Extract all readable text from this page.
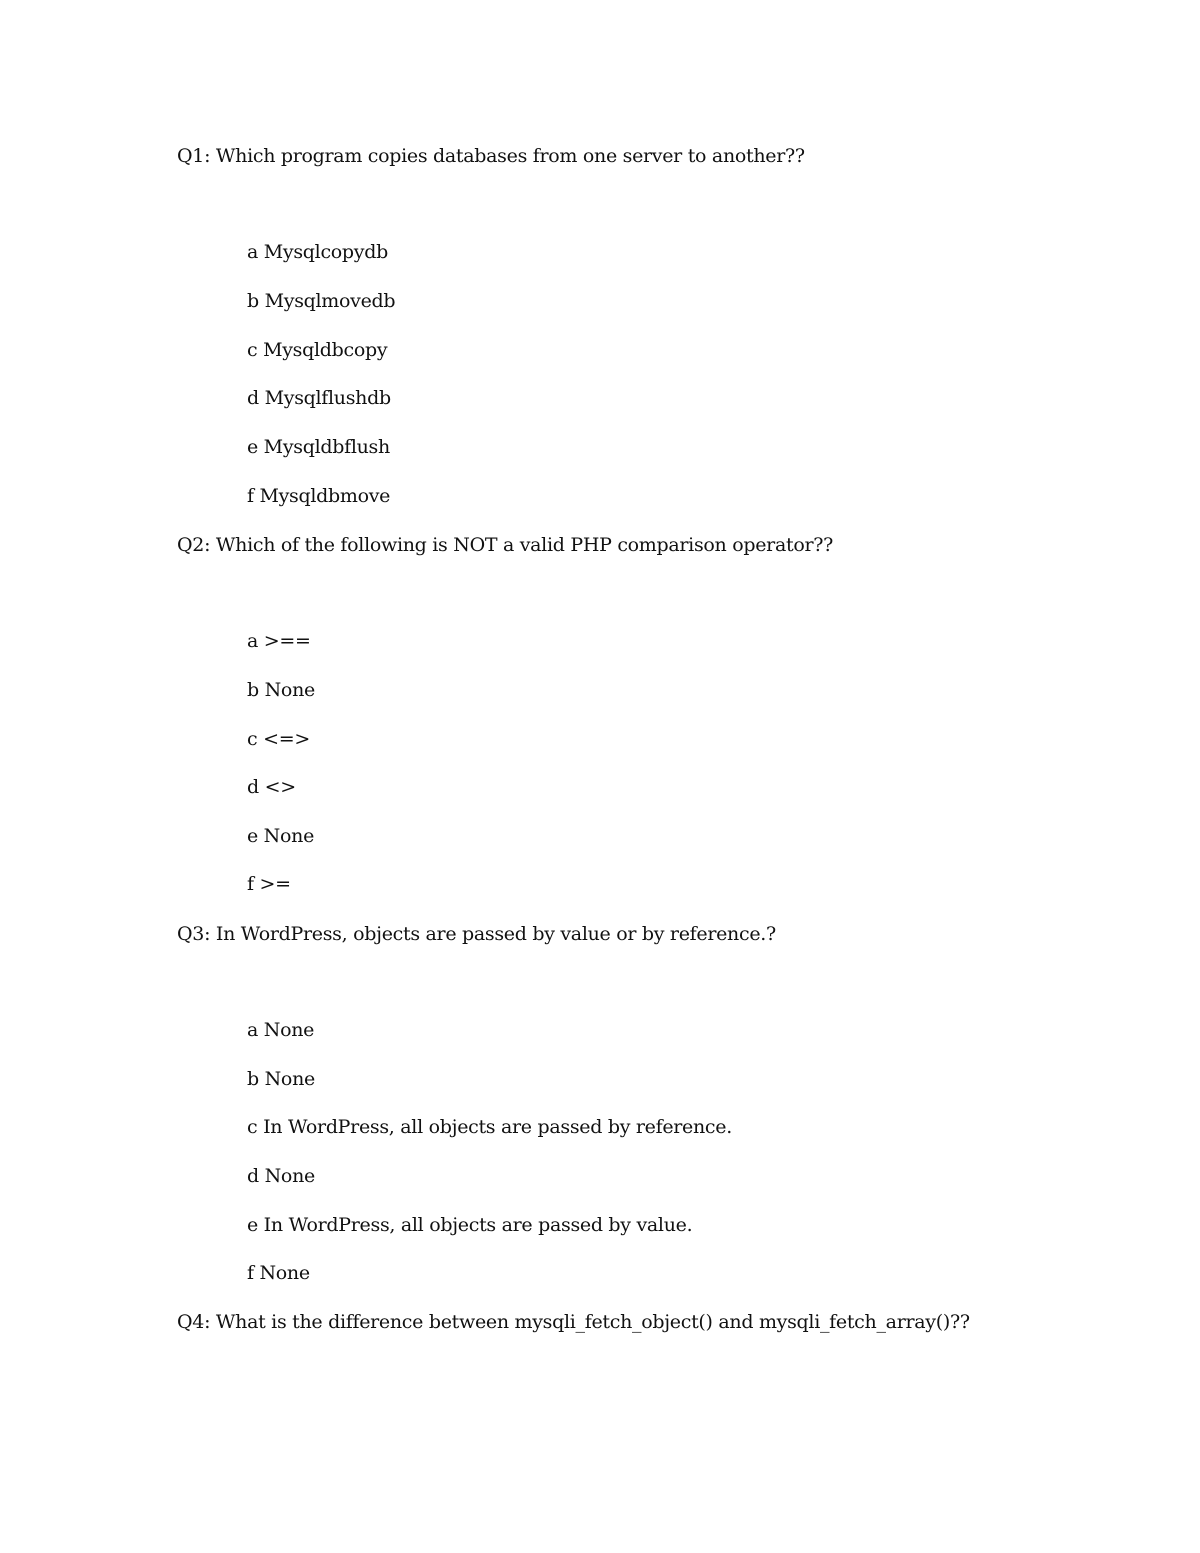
Q1: Which program copies databases from one server to another??

a Mysqlcopydb

b Mysqlmovedb

c Mysqldbcopy

d Mysqlflushdb

e Mysqldbflush

f Mysqldbmove

Q2: Which of the following is NOT a valid PHP comparison operator??

a >==

b None

c <=>

d <>

e None

f >=

Q3: In WordPress, objects are passed by value or by reference.?

a None

b None

c In WordPress, all objects are passed by reference.

d None

e In WordPress, all objects are passed by value.

f None

Q4: What is the difference between mysqli_fetch_object() and mysqli_fetch_array()??
